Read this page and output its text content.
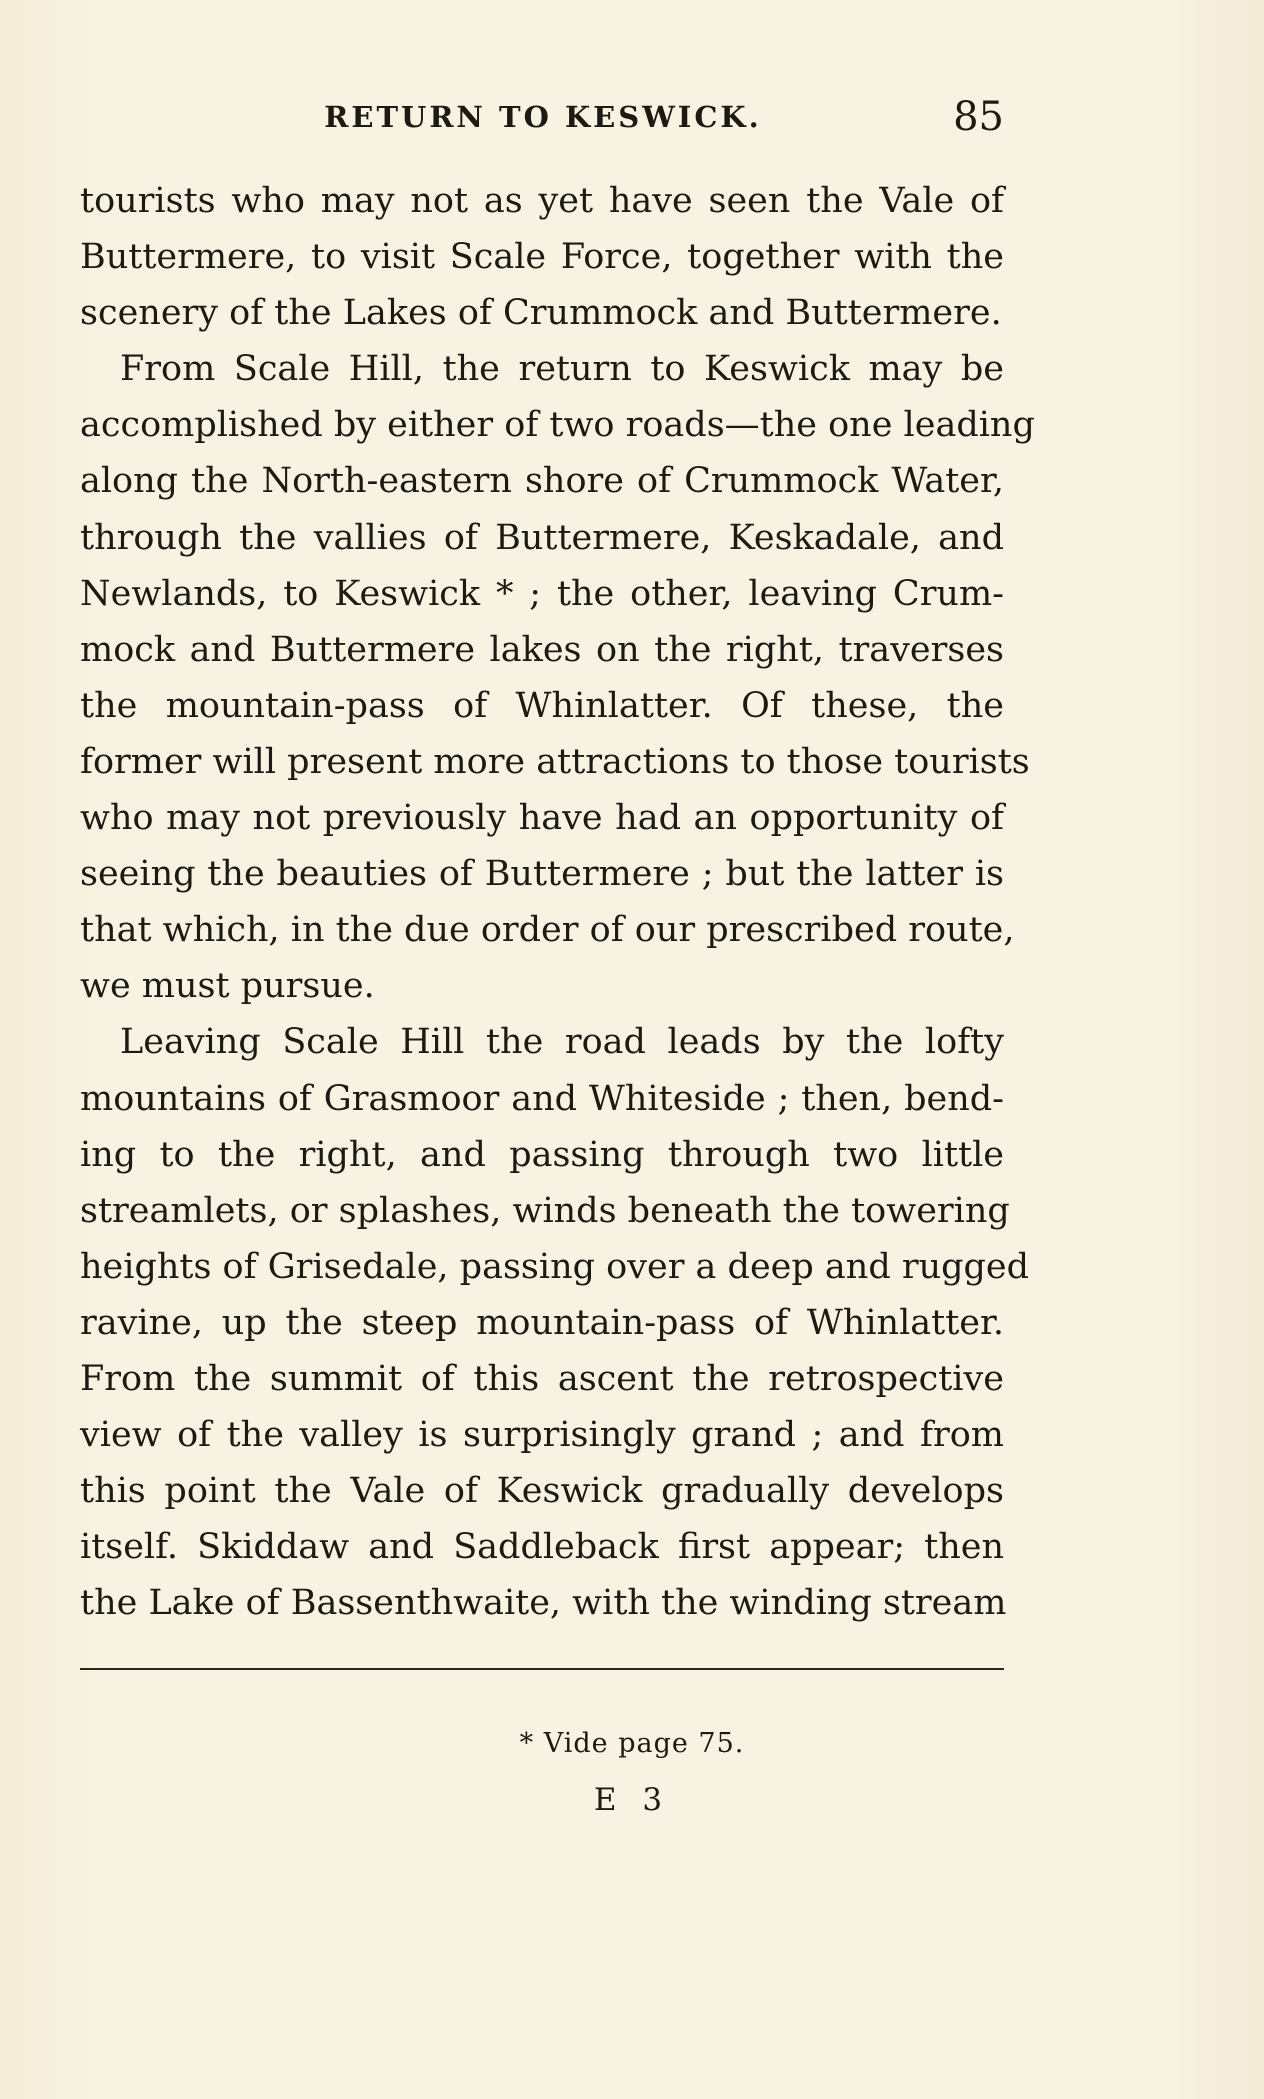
RETURN TO KESWICK.	85
tourists who may not as yet have seen the Vale of
Buttermere, to visit Scale Force, together with the
scenery of the Lakes of Crummock and Buttermere.
From Scale Hill, the return to Keswick may be
accomplished by either of two roads—the one leading
along the North-eastern shore of Crummock Water,
through the vallies of Buttermere, Keskadale, and
Newlands, to Keswick * ; the other, leaving Crum-
mock and Buttermere lakes on the right, traverses
the mountain-pass of Whinlatter. Of these, the
former will present more attractions to those tourists
who may not previously have had an opportunity of
seeing the beauties of Buttermere ; but the latter is
that which, in the due order of our prescribed route,
we must pursue.
Leaving Scale Hill the road leads by the lofty
mountains of Grasmoor and Whiteside ; then, bend-
ing to the right, and passing through two little
streamlets, or splashes, winds beneath the towering
heights of Grisedale, passing over a deep and rugged
ravine, up the steep mountain-pass of Whinlatter.
From the summit of this ascent the retrospective
view of the valley is surprisingly grand ; and from
this point the Vale of Keswick gradually develops
itself. Skiddaw and Saddleback first appear; then
the Lake of Bassenthwaite, with the winding stream
* Vide page 75.
E 3
